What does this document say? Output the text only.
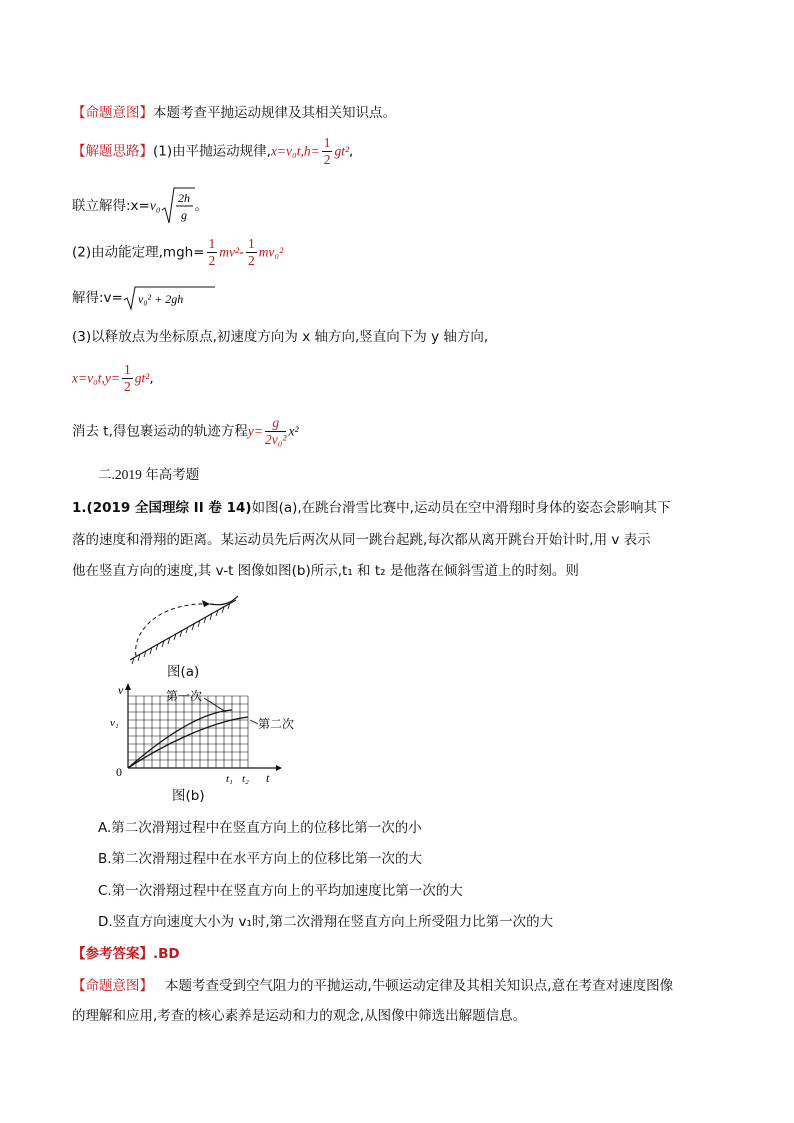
【命题意图】本题考查平抛运动规律及其相关知识点。
【解题思路】(1)由平抛运动规律$,x=v_0t,h= \frac{1}{2} gt^2$,
联立解得:x=v₀ 2h
g
。
(2)由动能定理$,mgh= \frac{1}{2} mv^2- \frac{1}{2} mv_0^2$
解得:v= v₀² + 2gh
(3)以释放点为坐标原点,初速度方向为 x 轴方向,竖直向下为 y 轴方向,
$x=v_0t,y= \frac{1}{2} gt^2$,
消去 t,得包裹运动的轨迹方程$y= \frac{g}{\text{2v₀²}} x^2$
二.2019 年高考题
1.(2019 全国理综 II 卷 14)如图(a),在跳台滑雪比赛中,运动员在空中滑翔时身体的姿态会影响其下
落的速度和滑翔的距离。某运动员先后两次从同一跳台起跳,每次都从离开跳台开始计时,用 v 表示
他在竖直方向的速度,其 v-t 图像如图(b)所示,t₁ 和 t₂ 是他落在倾斜雪道上的时刻。则
图(a)
v
v₁
0	t₁ t₂ t
第一次
第二次
图(b)
A.第二次滑翔过程中在竖直方向上的位移比第一次的小
B.第二次滑翔过程中在水平方向上的位移比第一次的大
C.第一次滑翔过程中在竖直方向上的平均加速度比第一次的大
D.竖直方向速度大小为 v₁时,第二次滑翔在竖直方向上所受阻力比第一次的大
【参考答案】.BD
【命题意图】 本题考查受到空气阻力的平抛运动,牛顿运动定律及其相关知识点,意在考查对速度图像
的理解和应用,考查的核心素养是运动和力的观念,从图像中筛选出解题信息。
